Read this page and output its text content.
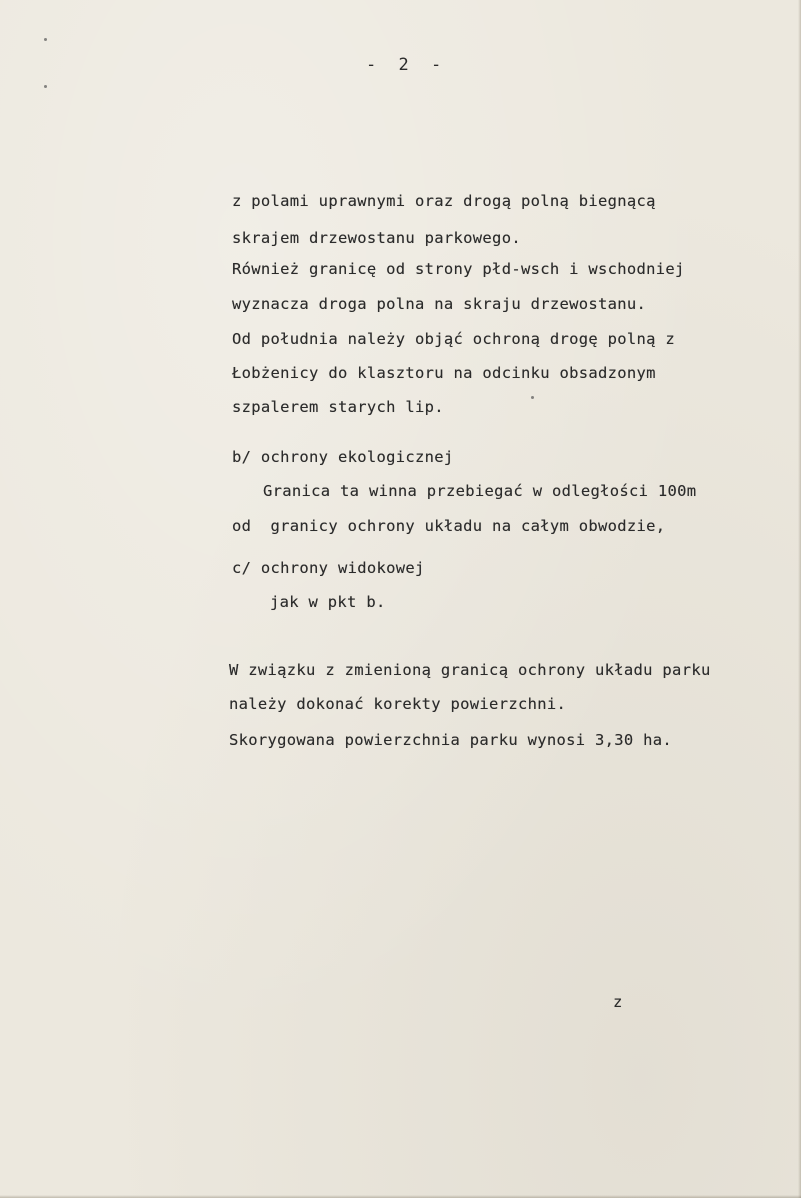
- 2 -
z polami uprawnymi oraz drogą polną biegnącą
skrajem drzewostanu parkowego.
Również granicę od strony płd-wsch i wschodniej
wyznacza droga polna na skraju drzewostanu.
Od południa należy objąć ochroną drogę polną z
Łobżenicy do klasztoru na odcinku obsadzonym
szpalerem starych lip.
b/ ochrony ekologicznej
Granica ta winna przebiegać w odległości 100m
od  granicy ochrony układu na całym obwodzie,
c/ ochrony widokowej
jak w pkt b.
W związku z zmienioną granicą ochrony układu parku
należy dokonać korekty powierzchni.
Skorygowana powierzchnia parku wynosi 3,30 ha.
z
